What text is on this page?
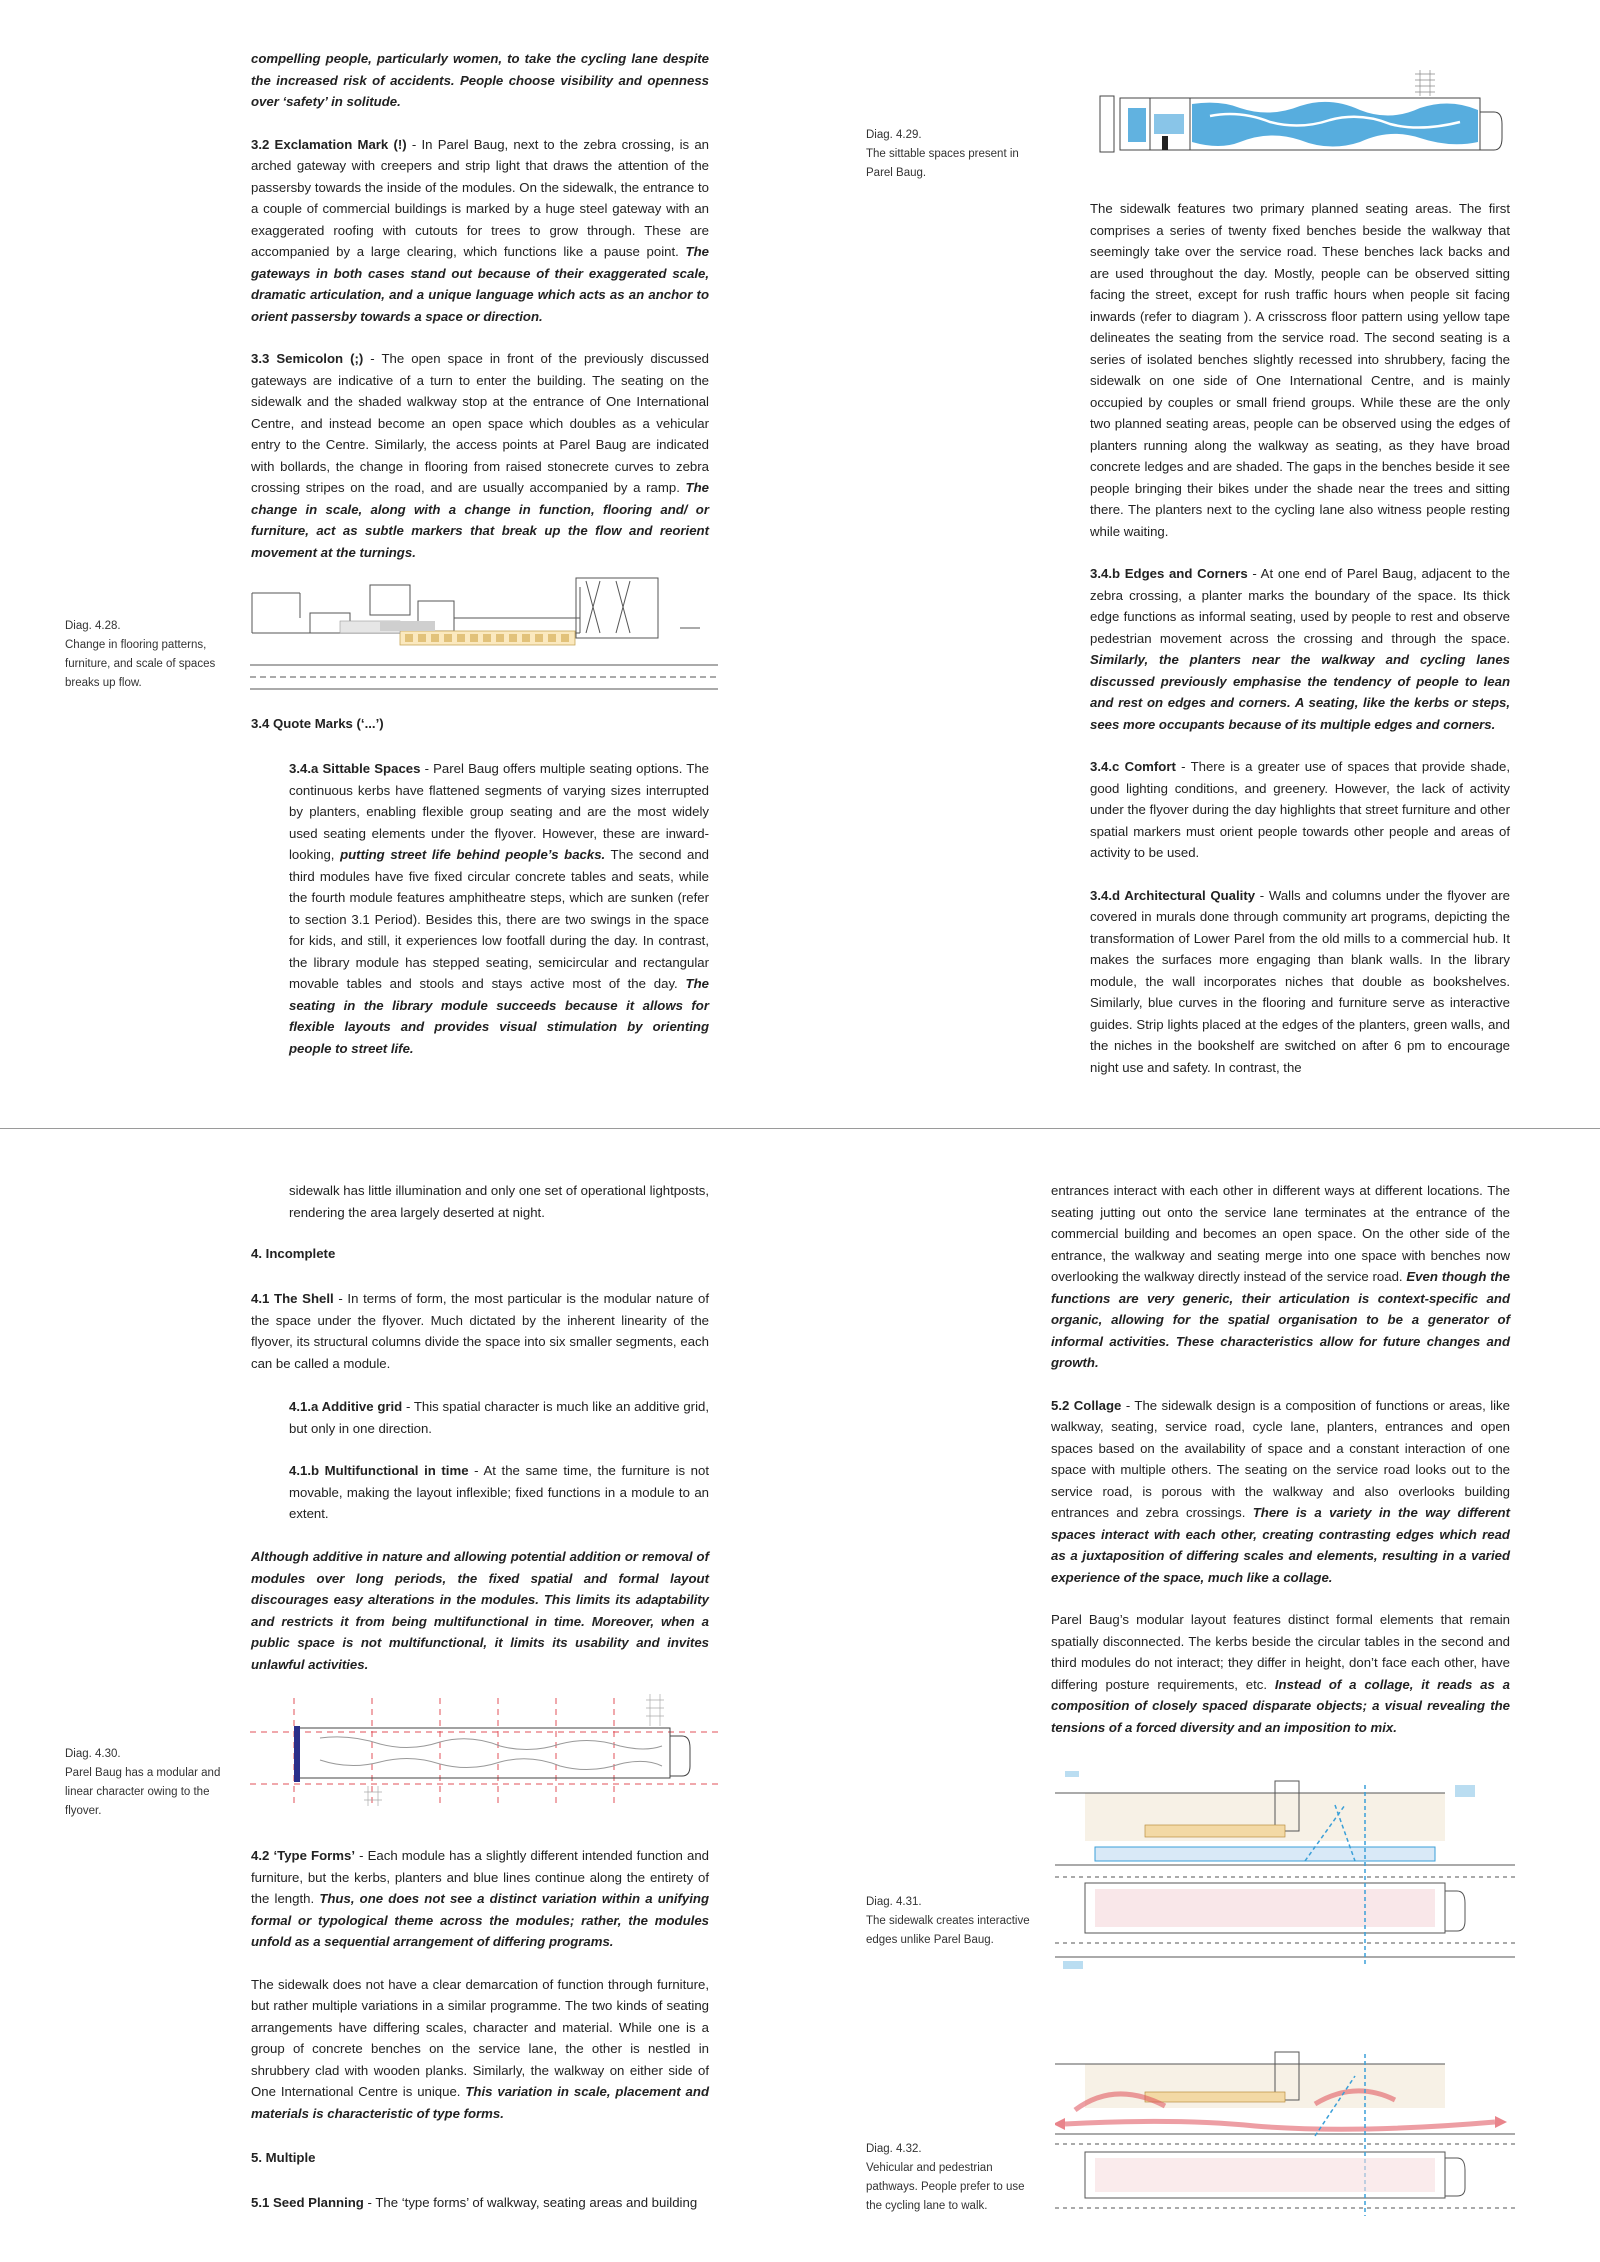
compelling people, particularly women, to take the cycling lane despite the increased risk of accidents. People choose visibility and openness over ‘safety’ in solitude.

3.2 Exclamation Mark (!) - In Parel Baug, next to the zebra crossing, is an arched gateway with creepers and strip light that draws the attention of the passersby towards the inside of the modules. On the sidewalk, the entrance to a couple of commercial buildings is marked by a huge steel gateway with an exaggerated roofing with cutouts for trees to grow through. These are accompanied by a large clearing, which functions like a pause point. The gateways in both cases stand out because of their exaggerated scale, dramatic articulation, and a unique language which acts as an anchor to orient passersby towards a space or direction.

3.3 Semicolon (;) - The open space in front of the previously discussed gateways are indicative of a turn to enter the building. The seating on the sidewalk and the shaded walkway stop at the entrance of One International Centre, and instead become an open space which doubles as a vehicular entry to the Centre. Similarly, the access points at Parel Baug are indicated with bollards, the change in flooring from raised stonecrete curves to zebra crossing stripes on the road, and are usually accompanied by a ramp. The change in scale, along with a change in function, flooring and/ or furniture, act as subtle markers that break up the flow and reorient movement at the turnings.

Diag. 4.28.
Change in flooring patterns, furniture, and scale of spaces breaks up flow.
3.4 Quote Marks (‘...’)

3.4.a Sittable Spaces - Parel Baug offers multiple seating options. The continuous kerbs have flattened segments of varying sizes interrupted by planters, enabling flexible group seating and are the most widely used seating elements under the flyover. However, these are inward-looking, putting street life behind people’s backs. The second and third modules have five fixed circular concrete tables and seats, while the fourth module features amphitheatre steps, which are sunken (refer to section 3.1 Period). Besides this, there are two swings in the space for kids, and still, it experiences low footfall during the day. In contrast, the library module has stepped seating, semicircular and rectangular movable tables and stools and stays active most of the day. The seating in the library module succeeds because it allows for flexible layouts and provides visual stimulation by orienting people to street life.

Diag. 4.29.
The sittable spaces present in Parel Baug.

The sidewalk features two primary planned seating areas. The first comprises a series of twenty fixed benches beside the walkway that seemingly take over the service road. These benches lack backs and are used throughout the day. Mostly, people can be observed sitting facing the street, except for rush traffic hours when people sit facing inwards (refer to diagram ). A crisscross floor pattern using yellow tape delineates the seating from the service road. The second seating is a series of isolated benches slightly recessed into shrubbery, facing the sidewalk on one side of One International Centre, and is mainly occupied by couples or small friend groups. While these are the only two planned seating areas, people can be observed using the edges of planters running along the walkway as seating, as they have broad concrete ledges and are shaded. The gaps in the benches beside it see people bringing their bikes under the shade near the trees and sitting there. The planters next to the cycling lane also witness people resting while waiting.

3.4.b Edges and Corners - At one end of Parel Baug, adjacent to the zebra crossing, a planter marks the boundary of the space. Its thick edge functions as informal seating, used by people to rest and observe pedestrian movement across the crossing and through the space. Similarly, the planters near the walkway and cycling lanes discussed previously emphasise the tendency of people to lean and rest on edges and corners. A seating, like the kerbs or steps, sees more occupants because of its multiple edges and corners.

3.4.c Comfort - There is a greater use of spaces that provide shade, good lighting conditions, and greenery. However, the lack of activity under the flyover during the day highlights that street furniture and other spatial markers must orient people towards other people and areas of activity to be used.

3.4.d Architectural Quality - Walls and columns under the flyover are covered in murals done through community art programs, depicting the transformation of Lower Parel from the old mills to a commercial hub. It makes the surfaces more engaging than blank walls. In the library module, the wall incorporates niches that double as bookshelves. Similarly, blue curves in the flooring and furniture serve as interactive guides. Strip lights placed at the edges of the planters, green walls, and the niches in the bookshelf are switched on after 6 pm to encourage night use and safety. In contrast, the

sidewalk has little illumination and only one set of operational lightposts, rendering the area largely deserted at night.

4. Incomplete

4.1 The Shell - In terms of form, the most particular is the modular nature of the space under the flyover. Much dictated by the inherent linearity of the flyover, its structural columns divide the space into six smaller segments, each can be called a module.

4.1.a Additive grid - This spatial character is much like an additive grid, but only in one direction.

4.1.b Multifunctional in time - At the same time, the furniture is not movable, making the layout inflexible; fixed functions in a module to an extent.

Although additive in nature and allowing potential addition or removal of modules over long periods, the fixed spatial and formal layout discourages easy alterations in the modules. This limits its adaptability and restricts it from being multifunctional in time. Moreover, when a public space is not multifunctional, it limits its usability and invites unlawful activities.

Diag. 4.30.
Parel Baug has a modular and linear character owing to the flyover.

4.2 ‘Type Forms’ - Each module has a slightly different intended function and furniture, but the kerbs, planters and blue lines continue along the entirety of the length. Thus, one does not see a distinct variation within a unifying formal or typological theme across the modules; rather, the modules unfold as a sequential arrangement of differing programs.

The sidewalk does not have a clear demarcation of function through furniture, but rather multiple variations in a similar programme. The two kinds of seating arrangements have differing scales, character and material. While one is a group of concrete benches on the service lane, the other is nestled in shrubbery clad with wooden planks. Similarly, the walkway on either side of One International Centre is unique. This variation in scale, placement and materials is characteristic of type forms.

5. Multiple

5.1 Seed Planning - The ‘type forms’ of walkway, seating areas and building

entrances interact with each other in different ways at different locations. The seating jutting out onto the service lane terminates at the entrance of the commercial building and becomes an open space. On the other side of the entrance, the walkway and seating merge into one space with benches now overlooking the walkway directly instead of the service road. Even though the functions are very generic, their articulation is context-specific and organic, allowing for the spatial organisation to be a generator of informal activities. These characteristics allow for future changes and growth.

5.2 Collage - The sidewalk design is a composition of functions or areas, like walkway, seating, service road, cycle lane, planters, entrances and open spaces based on the availability of space and a constant interaction of one space with multiple others. The seating on the service road looks out to the service road, is porous with the walkway and also overlooks building entrances and zebra crossings. There is a variety in the way different spaces interact with each other, creating contrasting edges which read as a juxtaposition of differing scales and elements, resulting in a varied experience of the space, much like a collage.

Parel Baug’s modular layout features distinct formal elements that remain spatially disconnected. The kerbs beside the circular tables in the second and third modules do not interact; they differ in height, don’t face each other, have differing posture requirements, etc. Instead of a collage, it reads as a composition of closely spaced disparate objects; a visual revealing the tensions of a forced diversity and an imposition to mix.

Diag. 4.31.
The sidewalk creates interactive edges unlike Parel Baug.
Diag. 4.32.
Vehicular and pedestrian pathways. People prefer to use the cycling lane to walk.
